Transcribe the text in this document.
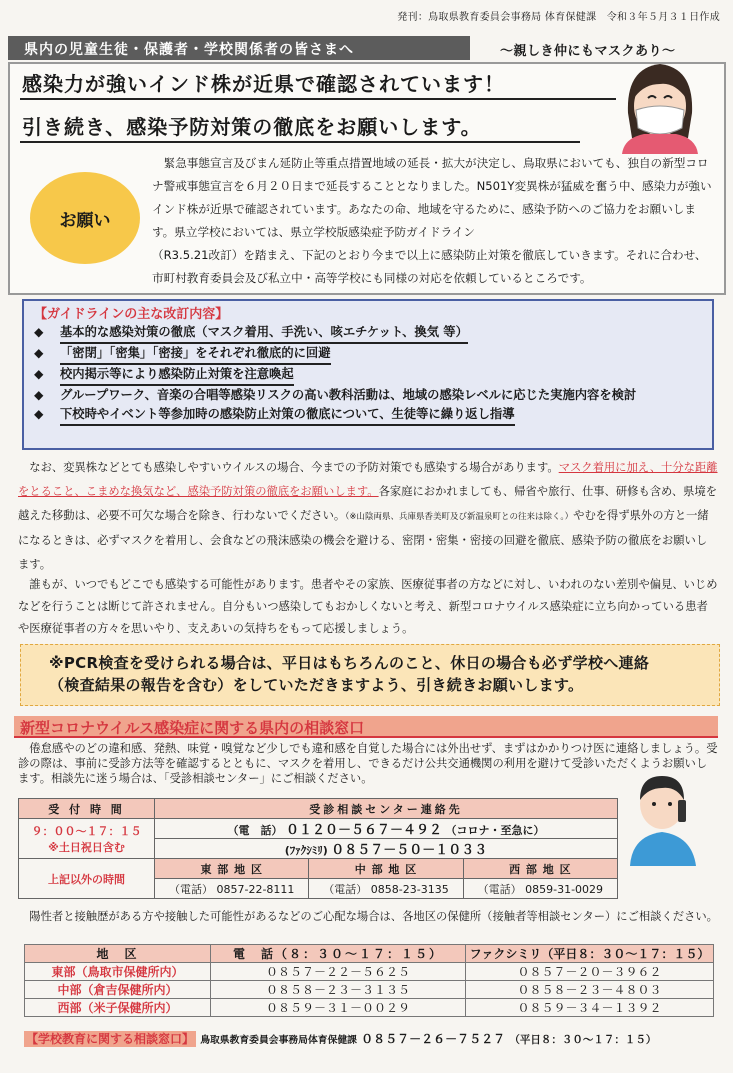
発刊：鳥取県教育委員会事務局 体育保健課　令和３年５月３１日作成
県内の児童生徒・保護者・学校関係者の皆さまへ	～親しき仲にもマスクあり～
感染力が強いインド株が近県で確認されています！
引き続き、感染予防対策の徹底をお願いします。
お願い
緊急事態宣言及びまん延防止等重点措置地域の延長・拡大が決定し、鳥取県においても、独自の新型コロナ警戒事態宣言を６月２０日まで延長することとなりました。N501Y変異株が猛威を奮う中、感染力が強いインド株が近県で確認されています。あなたの命、地域を守るために、感染予防へのご協力をお願いします。県立学校においては、県立学校版感染症予防ガイドライン
（R3.5.21改訂）を踏まえ、下記のとおり今まで以上に感染防止対策を徹底していきます。それに合わせ、市町村教育委員会及び私立中・高等学校にも同様の対応を依頼しているところです。
【ガイドラインの主な改訂内容】
◆	基本的な感染対策の徹底（マスク着用、手洗い、咳エチケット、換気 等）
◆	「密閉」「密集」「密接」をそれぞれ徹底的に回避
◆	校内掲示等により感染防止対策を注意喚起
◆	グループワーク、音楽の合唱等感染リスクの高い教科活動は、地域の感染レベルに応じた実施内容を検討
◆	下校時やイベント等参加時の感染防止対策の徹底について、生徒等に繰り返し指導
なお、変異株などとても感染しやすいウイルスの場合、今までの予防対策でも感染する場合があります。マスク着用に加え、十分な距離をとること、こまめな換気など、感染予防対策の徹底をお願いします。各家庭におかれましても、帰省や旅行、仕事、研修も含め、県境を越えた移動は、必要不可欠な場合を除き、行わないでください。（※山陰両県、兵庫県香美町及び新温泉町との往来は除く。）やむを得ず県外の方と一緒になるときは、必ずマスクを着用し、会食などの飛沫感染の機会を避ける、密閉・密集・密接の回避を徹底、感染予防の徹底をお願いします。
誰もが、いつでもどこでも感染する可能性があります。患者やその家族、医療従事者の方などに対し、いわれのない差別や偏見、いじめなどを行うことは断じて許されません。自分もいつ感染してもおかしくないと考え、新型コロナウイルス感染症に立ち向かっている患者や医療従事者の方々を思いやり、支えあいの気持ちをもって応援しましょう。
※PCR検査を受けられる場合は、平日はもちろんのこと、休日の場合も必ず学校へ連絡
（検査結果の報告を含む）をしていただきますよう、引き続きお願いします。
新型コロナウイルス感染症に関する県内の相談窓口
倦怠感やのどの違和感、発熱、味覚・嗅覚など少しでも違和感を自覚した場合には外出せず、まずはかかりつけ医に連絡しましょう。受診の際は、事前に受診方法等を確認するとともに、マスクを着用し、できるだけ公共交通機関の利用を避けて受診いただくようお願いします。相談先に迷う場合は、「受診相談センター」にご相談ください。
受 付 時 間	受診相談センター連絡先		

９：００～１７：１５
※土日祝日含む	（電　話） ０１２０－５６７－４９２ （コロナ・至急に）		
	(ﾌｧｸｼﾐﾘ) ０８５７－５０－１０３３		
上記以外の時間	東 部 地 区	中 部 地 区	西 部 地 区
	（電話） 0857-22-8111	（電話） 0858-23-3135	（電話） 0859-31-0029
陽性者と接触歴がある方や接触した可能性があるなどのご心配な場合は、各地区の保健所（接触者等相談センター）にご相談ください。
地　区	電　話（８：３０～１７：１５）	ファクシミリ（平日８：３０～１７：１５）
東部（鳥取市保健所内）	０８５７－２２－５６２５	０８５７－２０－３９６２
中部（倉吉保健所内）	０８５８－２３－３１３５	０８５８－２３－４８０３
西部（米子保健所内）	０８５９－３１－００２９	０８５９－３４－１３９２
【学校教育に関する相談窓口】 鳥取県教育委員会事務局体育保健課 ０８５７－２６－７５２７ （平日８：３０～１７：１５）
